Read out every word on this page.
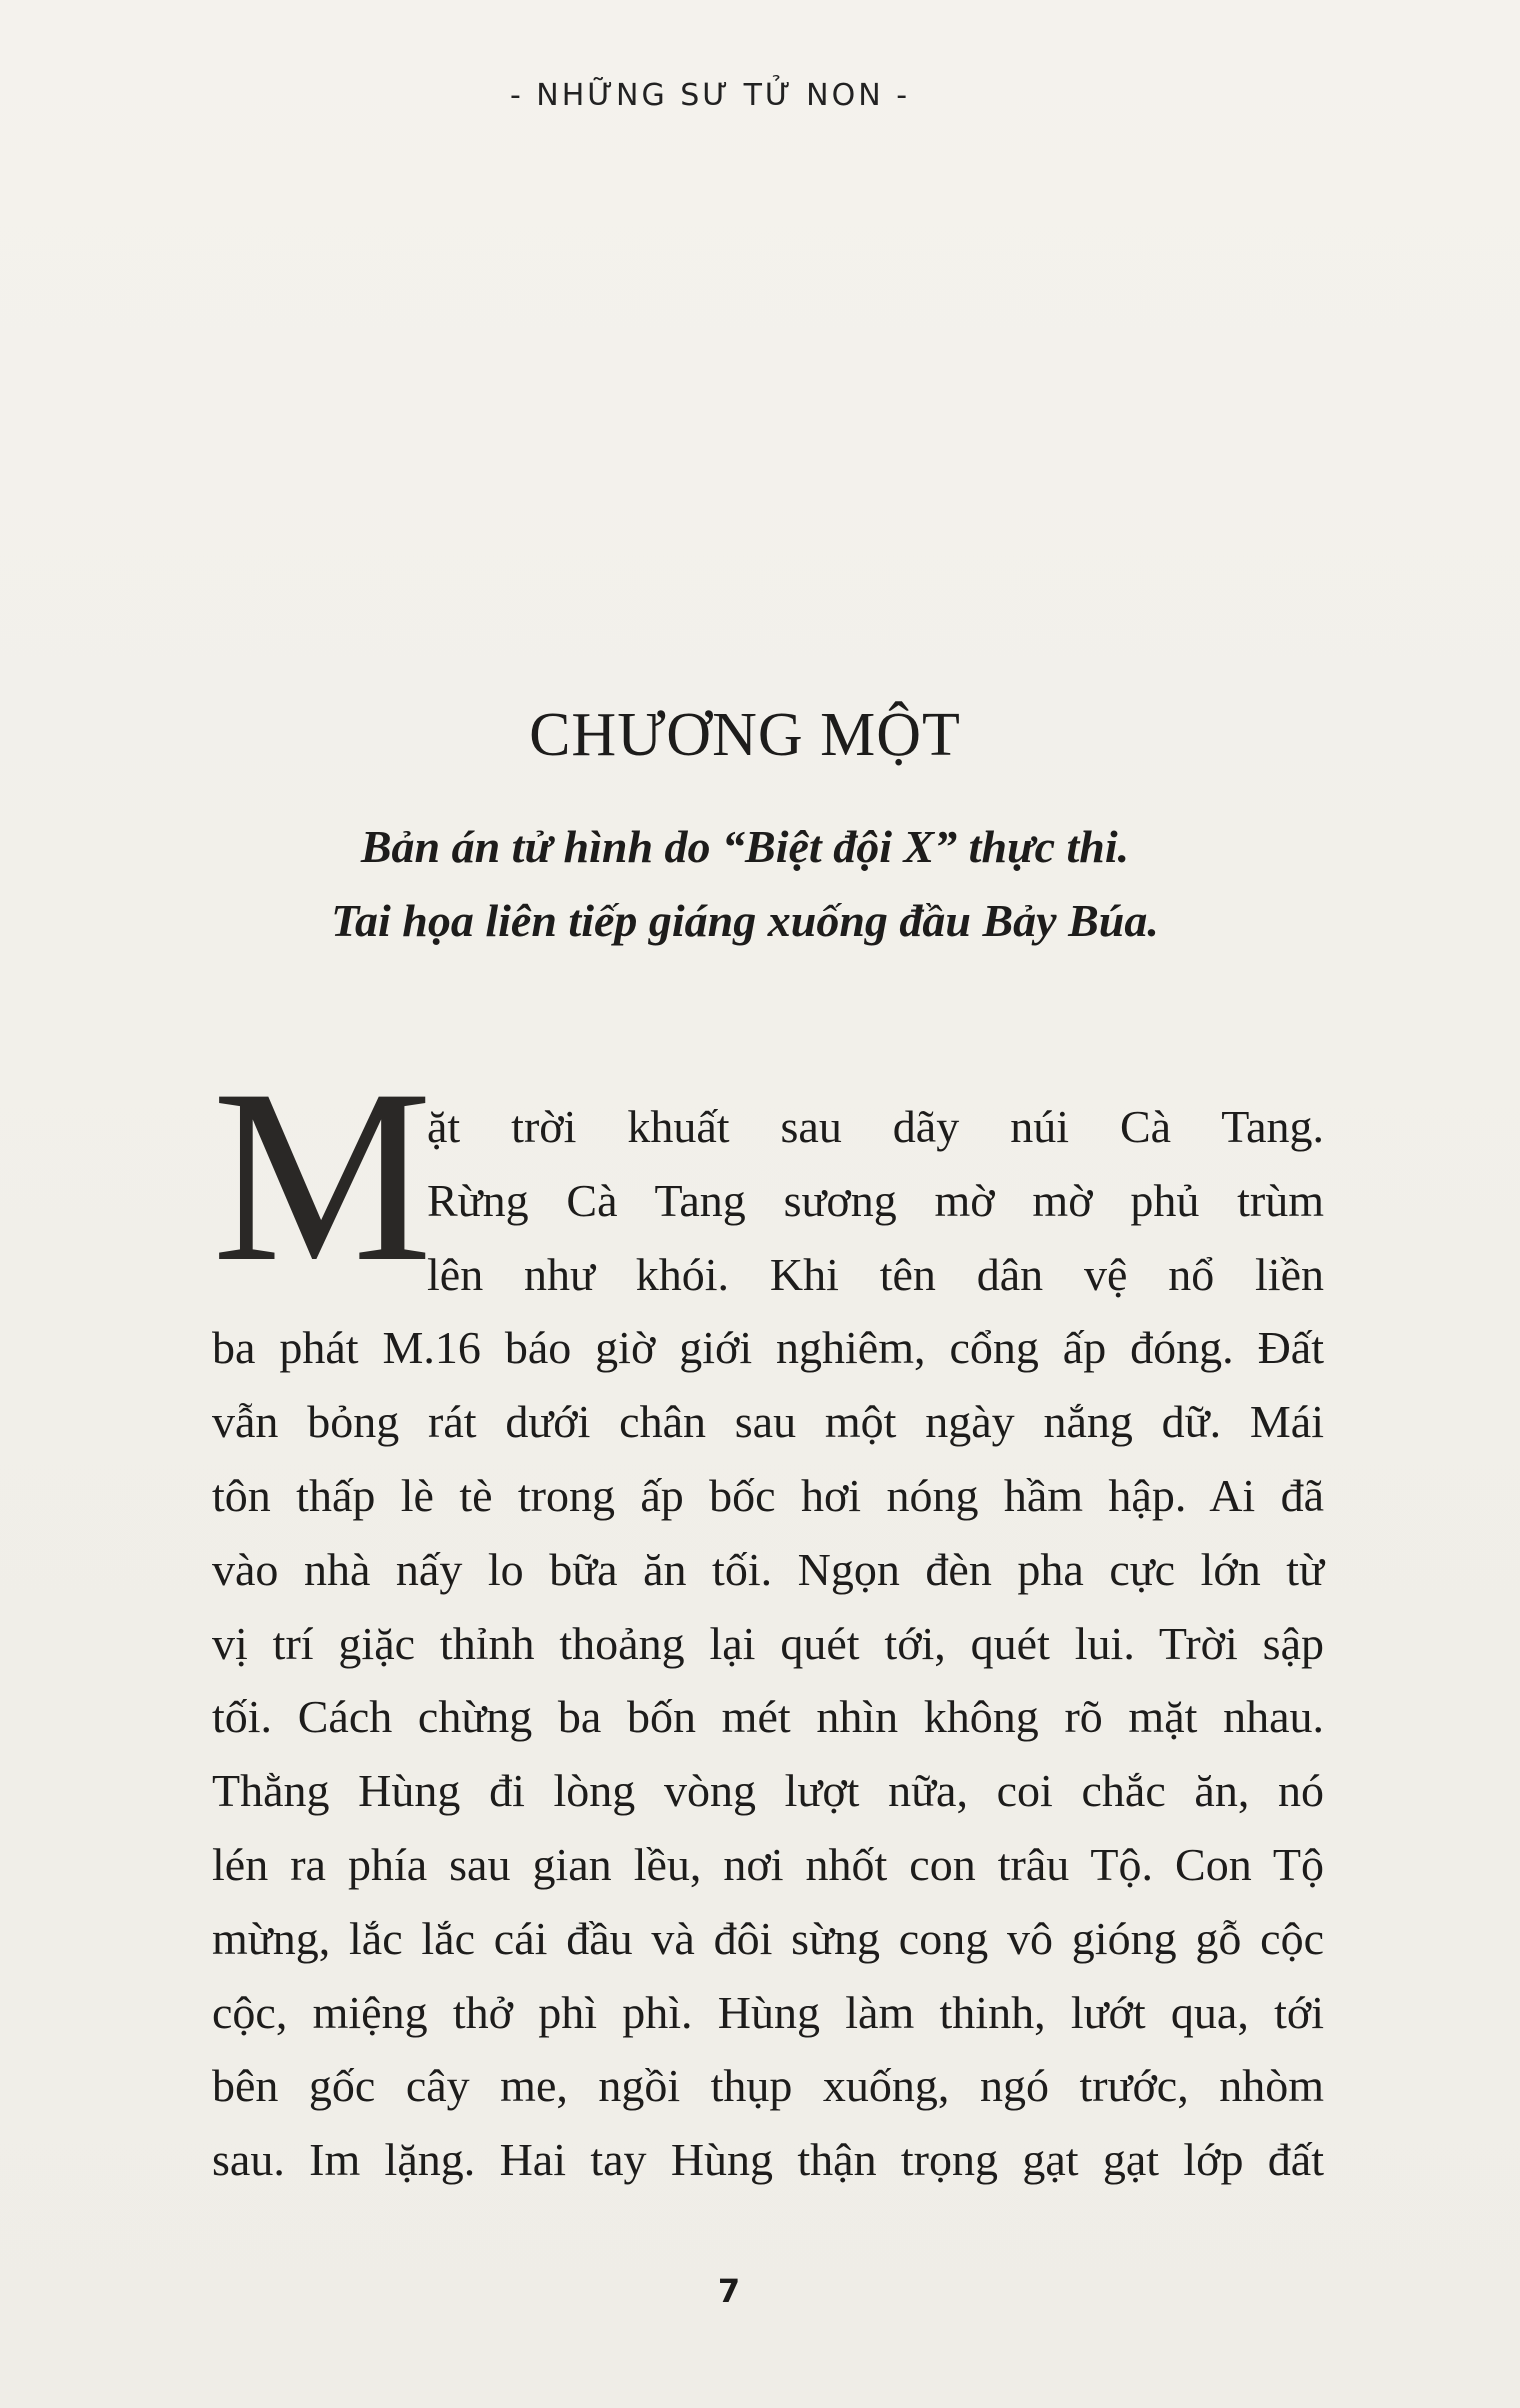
- NHỮNG SƯ TỬ NON -
CHƯƠNG MỘT
Bản án tử hình do “Biệt đội X” thực thi.
Tai họa liên tiếp giáng xuống đầu Bảy Búa.
M
ặt trời khuất sau dãy núi Cà Tang.
Rừng Cà Tang sương mờ mờ phủ trùm
lên như khói. Khi tên dân vệ nổ liền
ba phát M.16 báo giờ giới nghiêm, cổng ấp đóng. Đất
vẫn bỏng rát dưới chân sau một ngày nắng dữ. Mái
tôn thấp lè tè trong ấp bốc hơi nóng hầm hập. Ai đã
vào nhà nấy lo bữa ăn tối. Ngọn đèn pha cực lớn từ
vị trí giặc thỉnh thoảng lại quét tới, quét lui. Trời sập
tối. Cách chừng ba bốn mét nhìn không rõ mặt nhau.
Thằng Hùng đi lòng vòng lượt nữa, coi chắc ăn, nó
lén ra phía sau gian lều, nơi nhốt con trâu Tộ. Con Tộ
mừng, lắc lắc cái đầu và đôi sừng cong vô gióng gỗ cộc
cộc, miệng thở phì phì. Hùng làm thinh, lướt qua, tới
bên gốc cây me, ngồi thụp xuống, ngó trước, nhòm
sau. Im lặng. Hai tay Hùng thận trọng gạt gạt lớp đất
7
